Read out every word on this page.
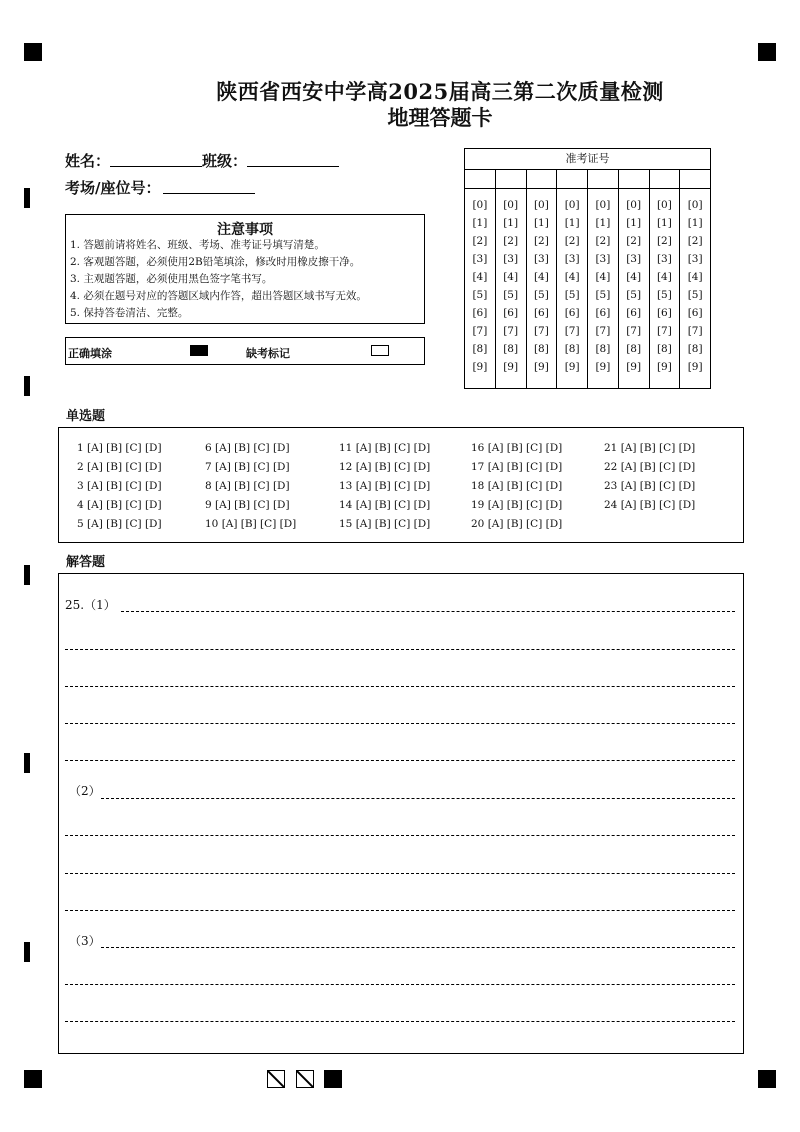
陕西省西安中学高2025届高三第二次质量检测
地理答题卡
姓名：	班级：
考场/座位号：
注意事项
1. 答题前请将姓名、班级、考场、准考证号填写清楚。
2. 客观题答题，必须使用2B铅笔填涂，修改时用橡皮擦干净。
3. 主观题答题，必须使用黑色签字笔书写。
4. 必须在题号对应的答题区域内作答，超出答题区域书写无效。
5. 保持答卷清洁、完整。
正确填涂	缺考标记
准考证号
[0]
[1]
[2]
[3]
[4]
[5]
[6]
[7]
[8]
[9]
[0]
[1]
[2]
[3]
[4]
[5]
[6]
[7]
[8]
[9]
[0]
[1]
[2]
[3]
[4]
[5]
[6]
[7]
[8]
[9]
[0]
[1]
[2]
[3]
[4]
[5]
[6]
[7]
[8]
[9]
[0]
[1]
[2]
[3]
[4]
[5]
[6]
[7]
[8]
[9]
[0]
[1]
[2]
[3]
[4]
[5]
[6]
[7]
[8]
[9]
[0]
[1]
[2]
[3]
[4]
[5]
[6]
[7]
[8]
[9]
[0]
[1]
[2]
[3]
[4]
[5]
[6]
[7]
[8]
[9]
单选题
1 [A] [B] [C] [D]
2 [A] [B] [C] [D]
3 [A] [B] [C] [D]
4 [A] [B] [C] [D]
5 [A] [B] [C] [D]
6 [A] [B] [C] [D]
7 [A] [B] [C] [D]
8 [A] [B] [C] [D]
9 [A] [B] [C] [D]
10 [A] [B] [C] [D]
11 [A] [B] [C] [D]
12 [A] [B] [C] [D]
13 [A] [B] [C] [D]
14 [A] [B] [C] [D]
15 [A] [B] [C] [D]
16 [A] [B] [C] [D]
17 [A] [B] [C] [D]
18 [A] [B] [C] [D]
19 [A] [B] [C] [D]
20 [A] [B] [C] [D]
21 [A] [B] [C] [D]
22 [A] [B] [C] [D]
23 [A] [B] [C] [D]
24 [A] [B] [C] [D]
解答题
25.（1）
（2）
（3）
